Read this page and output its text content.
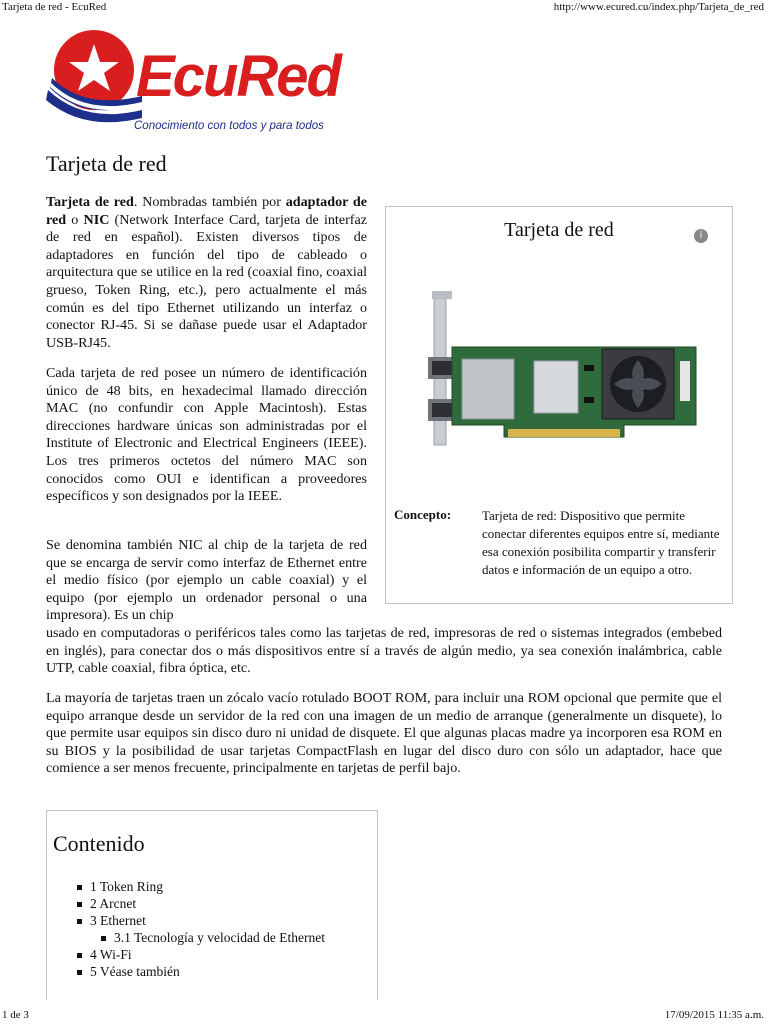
Tarjeta de red - EcuRed	http://www.ecured.cu/index.php/Tarjeta_de_red
EcuRed
Conocimiento con todos y para todos
Tarjeta de red

Tarjeta de red. Nombradas también por adaptador de red o NIC (Network Interface Card, tarjeta de interfaz de red en español). Existen diversos tipos de adaptadores en función del tipo de cableado o arquitectura que se utilice en la red (coaxial fino, coaxial grueso, Token Ring, etc.), pero actualmente el más común es del tipo Ethernet utilizando un interfaz o conector RJ-45. Si se dañase puede usar el Adaptador USB-RJ45.

Cada tarjeta de red posee un número de identificación único de 48 bits, en hexadecimal llamado dirección MAC (no confundir con Apple Macintosh). Estas direcciones hardware únicas son administradas por el Institute of Electronic and Electrical Engineers (IEEE). Los tres primeros octetos del número MAC son conocidos como OUI e identifican a proveedores específicos y son designados por la IEEE.

Se denomina también NIC al chip de la tarjeta de red que se encarga de servir como interfaz de Ethernet entre el medio físico (por ejemplo un cable coaxial) y el equipo (por ejemplo un ordenador personal o una impresora). Es un chip

usado en computadoras o periféricos tales como las tarjetas de red, impresoras de red o sistemas integrados (embebed en inglés), para conectar dos o más dispositivos entre sí a través de algún medio, ya sea conexión inalámbrica, cable UTP, cable coaxial, fibra óptica, etc.

La mayoría de tarjetas traen un zócalo vacío rotulado BOOT ROM, para incluir una ROM opcional que permite que el equipo arranque desde un servidor de la red con una imagen de un medio de arranque (generalmente un disquete), lo que permite usar equipos sin disco duro ni unidad de disquete. El que algunas placas madre ya incorporen esa ROM en su BIOS y la posibilidad de usar tarjetas CompactFlash en lugar del disco duro con sólo un adaptador, hace que comience a ser menos frecuente, principalmente en tarjetas de perfil bajo.

Tarjeta de red	i
Concepto: Tarjeta de red: Dispositivo que permite conectar diferentes equipos entre sí, mediante esa conexión posibilita compartir y transferir datos e información de un equipo a otro.
Contenido
1 Token Ring
2 Arcnet
3 Ethernet
3.1 Tecnología y velocidad de Ethernet
4 Wi-Fi
5 Véase también
1 de 3	17/09/2015 11:35 a.m.
